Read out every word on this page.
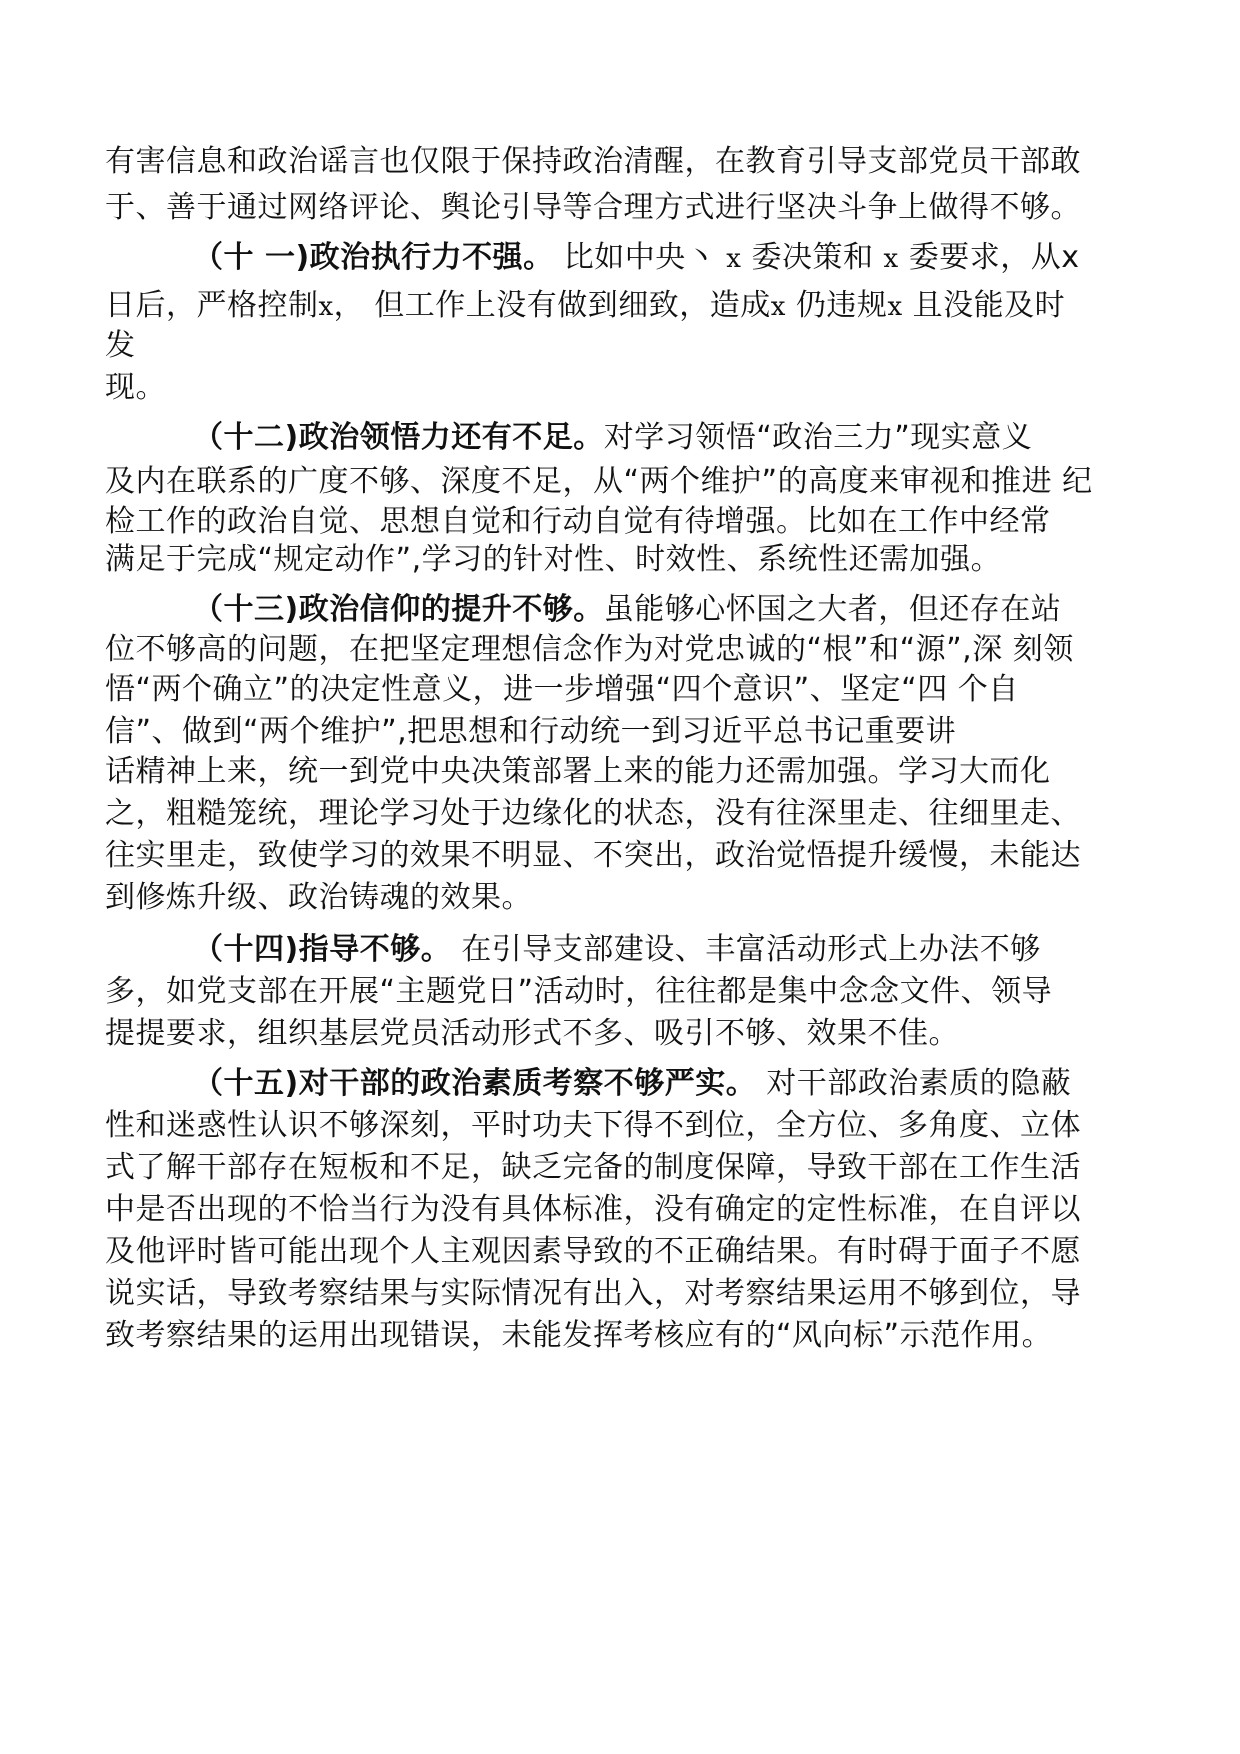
有害信息和政治谣言也仅限于保持政治清醒，在教育引导支部党员干部敢
于、善于通过网络评论、舆论引导等合理方式进行坚决斗争上做得不够。
（十 一)政治执行力不强。 比如中央丶 x 委决策和 x 委要求，从x
日后，严格控制x， 但工作上没有做到细致，造成x 仍违规x 且没能及时
发
现。
（十二)政治领悟力还有不足。对学习领悟“政治三力”现实意义
及内在联系的广度不够、深度不足，从“两个维护”的高度来审视和推进 纪
检工作的政治自觉、思想自觉和行动自觉有待增强。比如在工作中经常
满足于完成“规定动作”,学习的针对性、时效性、系统性还需加强。
（十三)政治信仰的提升不够。虽能够心怀国之大者，但还存在站
位不够高的问题，在把坚定理想信念作为对党忠诚的“根”和“源”,深 刻领
悟“两个确立”的决定性意义，进一步增强“四个意识”、坚定“四 个自
信”、做到“两个维护”,把思想和行动统一到习近平总书记重要讲
话精神上来，统一到党中央决策部署上来的能力还需加强。学习大而化
之，粗糙笼统，理论学习处于边缘化的状态，没有往深里走、往细里走、
往实里走，致使学习的效果不明显、不突出，政治觉悟提升缓慢，未能达
到修炼升级、政治铸魂的效果。
（十四)指导不够。 在引导支部建设、丰富活动形式上办法不够
多，如党支部在开展“主题党日”活动时，往往都是集中念念文件、领导
提提要求，组织基层党员活动形式不多、吸引不够、效果不佳。
（十五)对干部的政治素质考察不够严实。 对干部政治素质的隐蔽
性和迷惑性认识不够深刻，平时功夫下得不到位，全方位、多角度、立体
式了解干部存在短板和不足，缺乏完备的制度保障，导致干部在工作生活
中是否出现的不恰当行为没有具体标准，没有确定的定性标准，在自评以
及他评时皆可能出现个人主观因素导致的不正确结果。有时碍于面子不愿
说实话，导致考察结果与实际情况有出入，对考察结果运用不够到位，导
致考察结果的运用出现错误，未能发挥考核应有的“风向标”示范作用。
